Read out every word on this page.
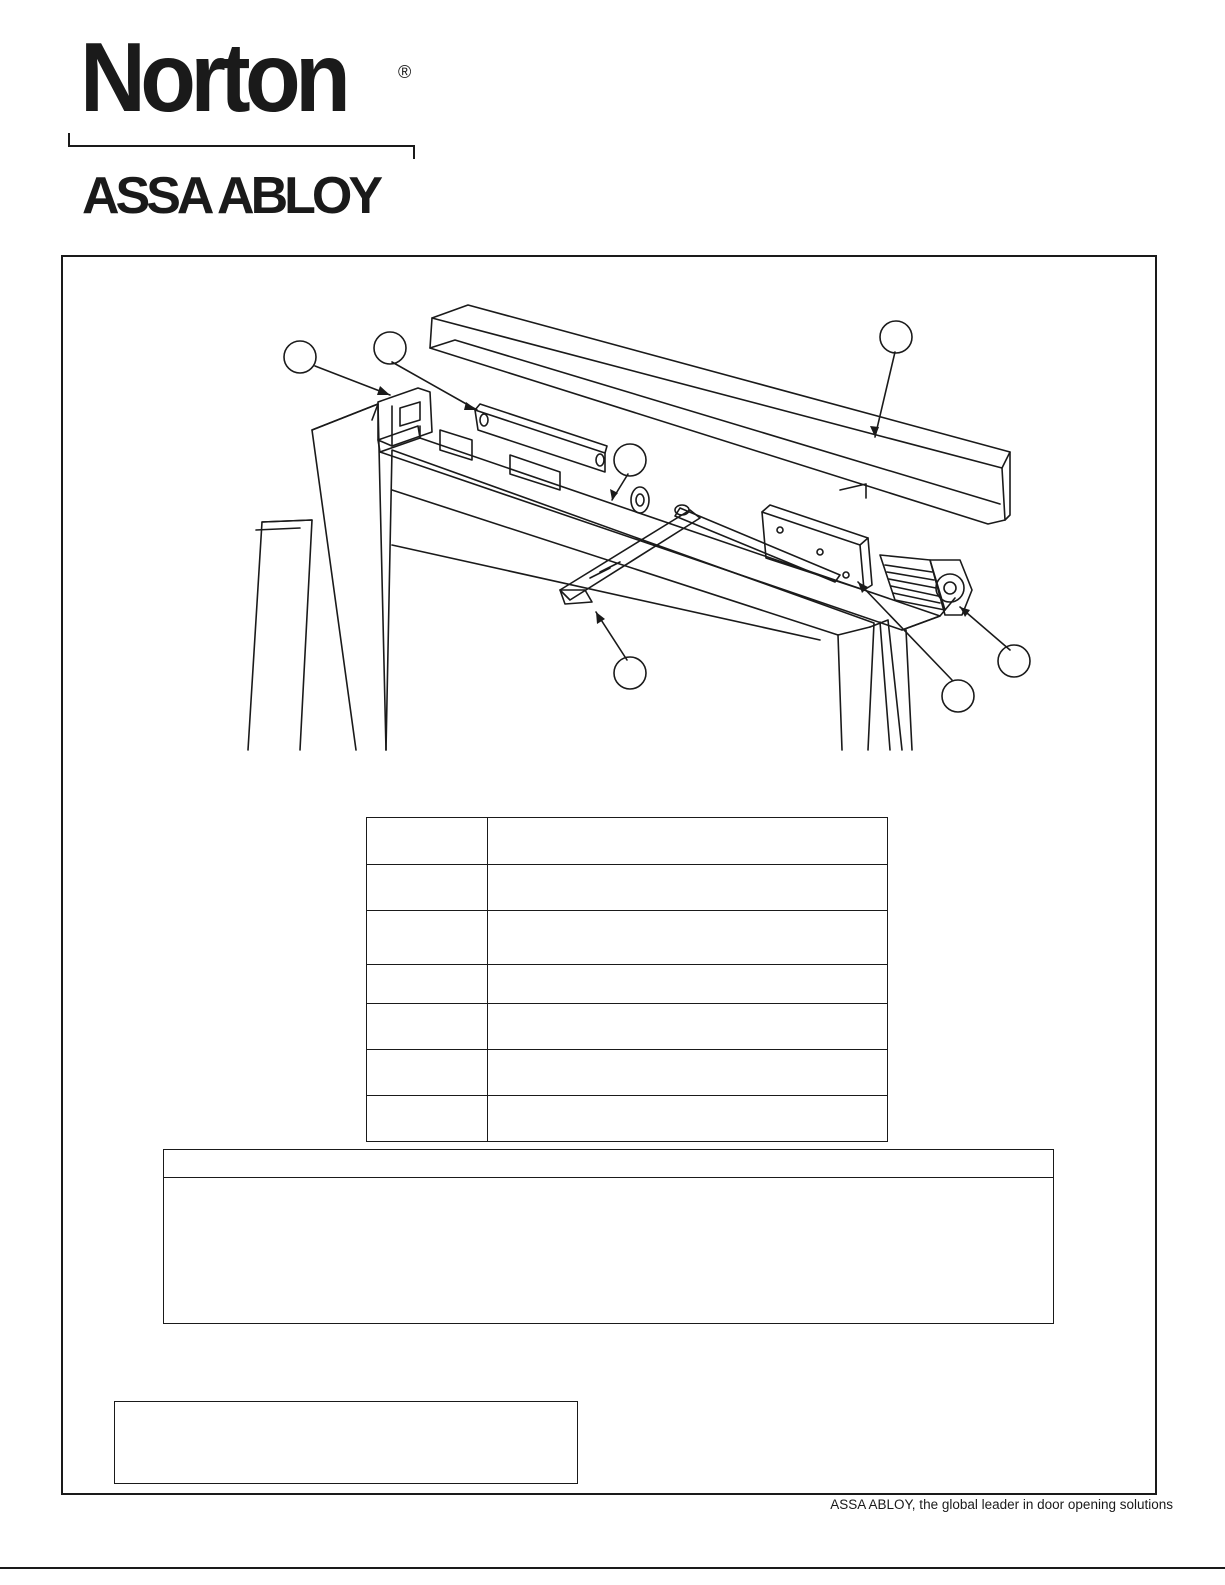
Norton	®
ASSA ABLOY

ASSA ABLOY, the global leader in door opening solutions
